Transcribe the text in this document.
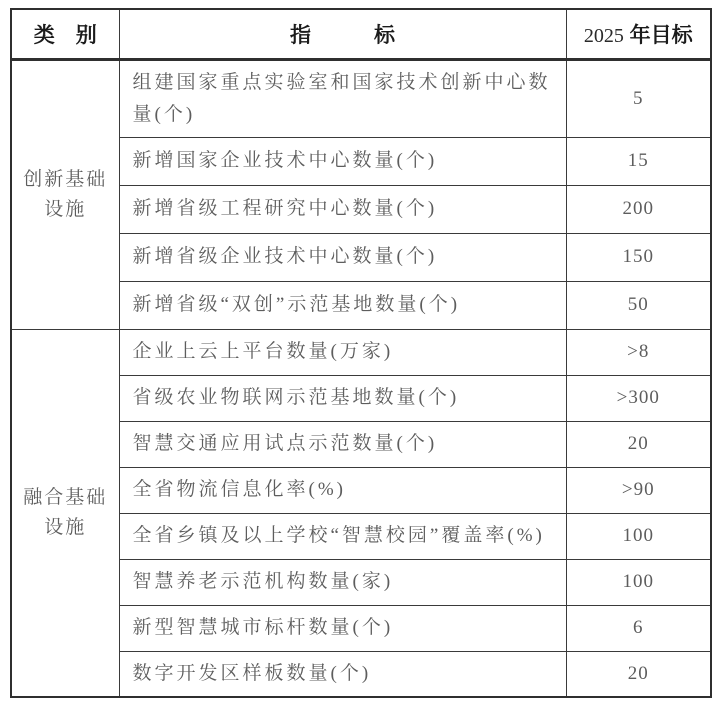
类　别	指　　　标	2025 年目标

创新基础
设施	组建国家重点实验室和国家技术创新中心数量(个)	5
	新增国家企业技术中心数量(个)	15
	新增省级工程研究中心数量(个)	200
	新增省级企业技术中心数量(个)	150
	新增省级“双创”示范基地数量(个)	50

融合基础
设施	企业上云上平台数量(万家)	>8
	省级农业物联网示范基地数量(个)	>300
	智慧交通应用试点示范数量(个)	20
	全省物流信息化率(%)	>90
	全省乡镇及以上学校“智慧校园”覆盖率(%)	100
	智慧养老示范机构数量(家)	100
	新型智慧城市标杆数量(个)	6
	数字开发区样板数量(个)	20
